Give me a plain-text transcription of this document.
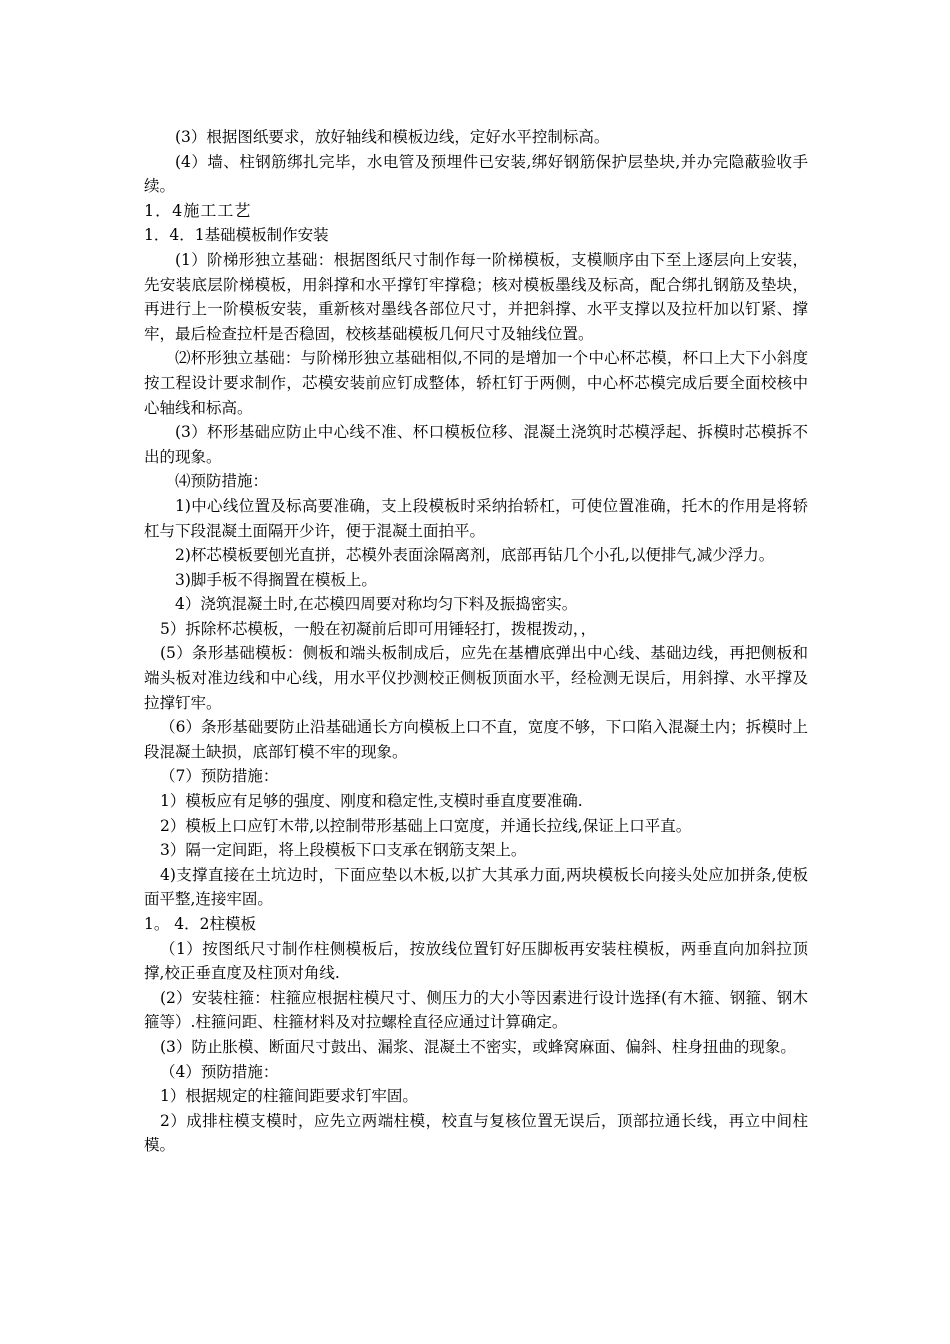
(3）根据图纸要求，放好轴线和模板边线，定好水平控制标高。

(4）墙、柱钢筋绑扎完毕，水电管及预埋件已安装,绑好钢筋保护层垫块,并办完隐蔽验收手续。

1．4施工工艺

1．4．1基础模板制作安装

(1）阶梯形独立基础：根据图纸尺寸制作每一阶梯模板，支模顺序由下至上逐层向上安装，先安装底层阶梯模板，用斜撑和水平撑钉牢撑稳；核对模板墨线及标高，配合绑扎钢筋及垫块，再进行上一阶模板安装，重新核对墨线各部位尺寸，并把斜撑、水平支撑以及拉杆加以钉紧、撑牢，最后检查拉杆是否稳固，校核基础模板几何尺寸及轴线位置。

⑵杯形独立基础：与阶梯形独立基础相似,不同的是增加一个中心杯芯模，杯口上大下小斜度按工程设计要求制作，芯模安装前应钉成整体，轿杠钉于两侧，中心杯芯模完成后要全面校核中心轴线和标高。

(3）杯形基础应防止中心线不准、杯口模板位移、混凝土浇筑时芯模浮起、拆模时芯模拆不出的现象。

⑷预防措施：

1)中心线位置及标高要准确，支上段模板时采纳抬轿杠，可使位置准确，托木的作用是将轿杠与下段混凝土面隔开少许，便于混凝土面拍平。

2)杯芯模板要刨光直拼，芯模外表面涂隔离剂，底部再钻几个小孔,以便排气,减少浮力。

3)脚手板不得搁置在模板上。

4）浇筑混凝土时,在芯模四周要对称均匀下料及振捣密实。

5）拆除杯芯模板，一般在初凝前后即可用锤轻打，拨棍拨动，，

(5）条形基础模板：侧板和端头板制成后，应先在基槽底弹出中心线、基础边线，再把侧板和端头板对准边线和中心线，用水平仪抄测校正侧板顶面水平，经检测无误后，用斜撑、水平撑及拉撑钉牢。

（6）条形基础要防止沿基础通长方向模板上口不直，宽度不够，下口陷入混凝土内；拆模时上段混凝土缺损，底部钉模不牢的现象。

（7）预防措施：

1）模板应有足够的强度、刚度和稳定性,支模时垂直度要准确.

2）模板上口应钉木带,以控制带形基础上口宽度，并通长拉线,保证上口平直。

3）隔一定间距，将上段模板下口支承在钢筋支架上。

4)支撑直接在土坑边时，下面应垫以木板,以扩大其承力面,两块模板长向接头处应加拼条,使板面平整,连接牢固。

1。 4．2柱模板

（1）按图纸尺寸制作柱侧模板后，按放线位置钉好压脚板再安装柱模板，两垂直向加斜拉顶撑,校正垂直度及柱顶对角线.

(2）安装柱箍：柱箍应根据柱模尺寸、侧压力的大小等因素进行设计选择(有木箍、钢箍、钢木箍等）.柱箍问距、柱箍材料及对拉螺栓直径应通过计算确定。

(3）防止胀模、断面尺寸鼓出、漏浆、混凝土不密实，或蜂窝麻面、偏斜、柱身扭曲的现象。

（4）预防措施：

1）根据规定的柱箍间距要求钉牢固。

2）成排柱模支模时，应先立两端柱模，校直与复核位置无误后，顶部拉通长线，再立中间柱模。
